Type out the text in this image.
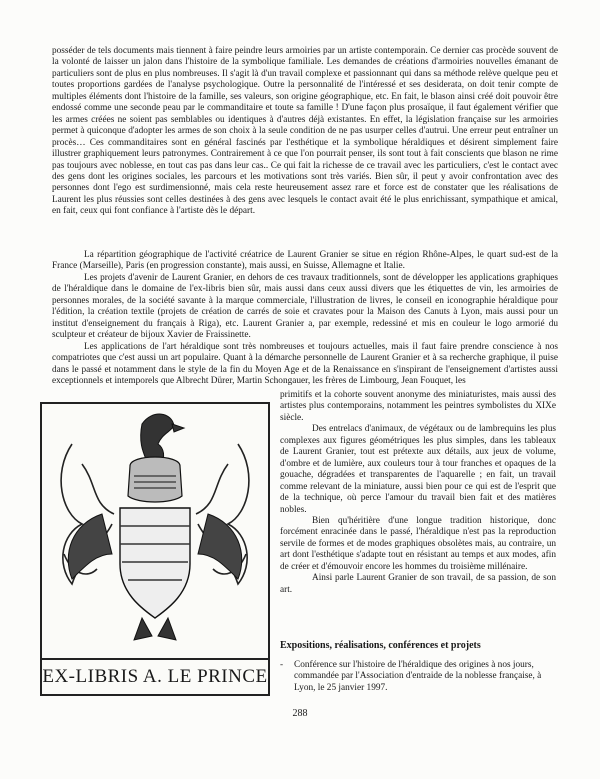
posséder de tels documents mais tiennent à faire peindre leurs armoiries par un artiste contemporain. Ce dernier cas procède souvent de la volonté de laisser un jalon dans l'histoire de la symbolique familiale. Les demandes de créations d'armoiries nouvelles émanant de particuliers sont de plus en plus nombreuses. Il s'agit là d'un travail complexe et passionnant qui dans sa méthode relève quelque peu et toutes proportions gardées de l'analyse psychologique. Outre la personnalité de l'intéressé et ses desiderata, on doit tenir compte de multiples éléments dont l'histoire de la famille, ses valeurs, son origine géographique, etc. En fait, le blason ainsi créé doit pouvoir être endossé comme une seconde peau par le commanditaire et toute sa famille ! D'une façon plus prosaïque, il faut également vérifier que les armes créées ne soient pas semblables ou identiques à d'autres déjà existantes. En effet, la législation française sur les armoiries permet à quiconque d'adopter les armes de son choix à la seule condition de ne pas usurper celles d'autrui. Une erreur peut entraîner un procès… Ces commanditaires sont en général fascinés par l'esthétique et la symbolique héraldiques et désirent simplement faire illustrer graphiquement leurs patronymes. Contrairement à ce que l'on pourrait penser, ils sont tout à fait conscients que blason ne rime pas toujours avec noblesse, en tout cas pas dans leur cas.. Ce qui fait la richesse de ce travail avec les particuliers, c'est le contact avec des gens dont les origines sociales, les parcours et les motivations sont très variés. Bien sûr, il peut y avoir confrontation avec des personnes dont l'ego est surdimensionné, mais cela reste heureusement assez rare et force est de constater que les réalisations de Laurent les plus réussies sont celles destinées à des gens avec lesquels le contact avait été le plus enrichissant, sympathique et amical, en fait, ceux qui font confiance à l'artiste dès le départ.

La répartition géographique de l'activité créatrice de Laurent Granier se situe en région Rhône-Alpes, le quart sud-est de la France (Marseille), Paris (en progression constante), mais aussi, en Suisse, Allemagne et Italie.

Les projets d'avenir de Laurent Granier, en dehors de ces travaux traditionnels, sont de développer les applications graphiques de l'héraldique dans le domaine de l'ex-libris bien sûr, mais aussi dans ceux aussi divers que les étiquettes de vin, les armoiries de personnes morales, de la société savante à la marque commerciale, l'illustration de livres, le conseil en iconographie héraldique pour l'édition, la création textile (projets de création de carrés de soie et cravates pour la Maison des Canuts à Lyon, mais aussi pour un institut d'enseignement du français à Riga), etc. Laurent Granier a, par exemple, redessiné et mis en couleur le logo armorié du sculpteur et créateur de bijoux Xavier de Fraissinette.

Les applications de l'art héraldique sont très nombreuses et toujours actuelles, mais il faut faire prendre conscience à nos compatriotes que c'est aussi un art populaire. Quant à la démarche personnelle de Laurent Granier et à sa recherche graphique, il puise dans le passé et notamment dans le style de la fin du Moyen Age et de la Renaissance en s'inspirant de l'enseignement d'artistes aussi exceptionnels et intemporels que Albrecht Dürer, Martin Schongauer, les frères de Limbourg, Jean Fouquet, les

EX-LIBRIS A. LE PRINCE

primitifs et la cohorte souvent anonyme des miniaturistes, mais aussi des artistes plus contemporains, notamment les peintres symbolistes du XIXe siècle.

Des entrelacs d'animaux, de végétaux ou de lambrequins les plus complexes aux figures géométriques les plus simples, dans les tableaux de Laurent Granier, tout est prétexte aux détails, aux jeux de volume, d'ombre et de lumière, aux couleurs tour à tour franches et opaques de la gouache, dégradées et transparentes de l'aquarelle ; en fait, un travail comme relevant de la miniature, aussi bien pour ce qui est de l'esprit que de la technique, où perce l'amour du travail bien fait et des matières nobles.

Bien qu'héritière d'une longue tradition historique, donc forcément enracinée dans le passé, l'héraldique n'est pas la reproduction servile de formes et de modes graphiques obsolètes mais, au contraire, un art dont l'esthétique s'adapte tout en résistant au temps et aux modes, afin de créer et d'émouvoir encore les hommes du troisième millénaire.

Ainsi parle Laurent Granier de son travail, de sa passion, de son art.

Expositions, réalisations, conférences et projets
- Conférence sur l'histoire de l'héraldique des origines à nos jours, commandée par l'Association d'entraide de la noblesse française, à Lyon, le 25 janvier 1997.
288
